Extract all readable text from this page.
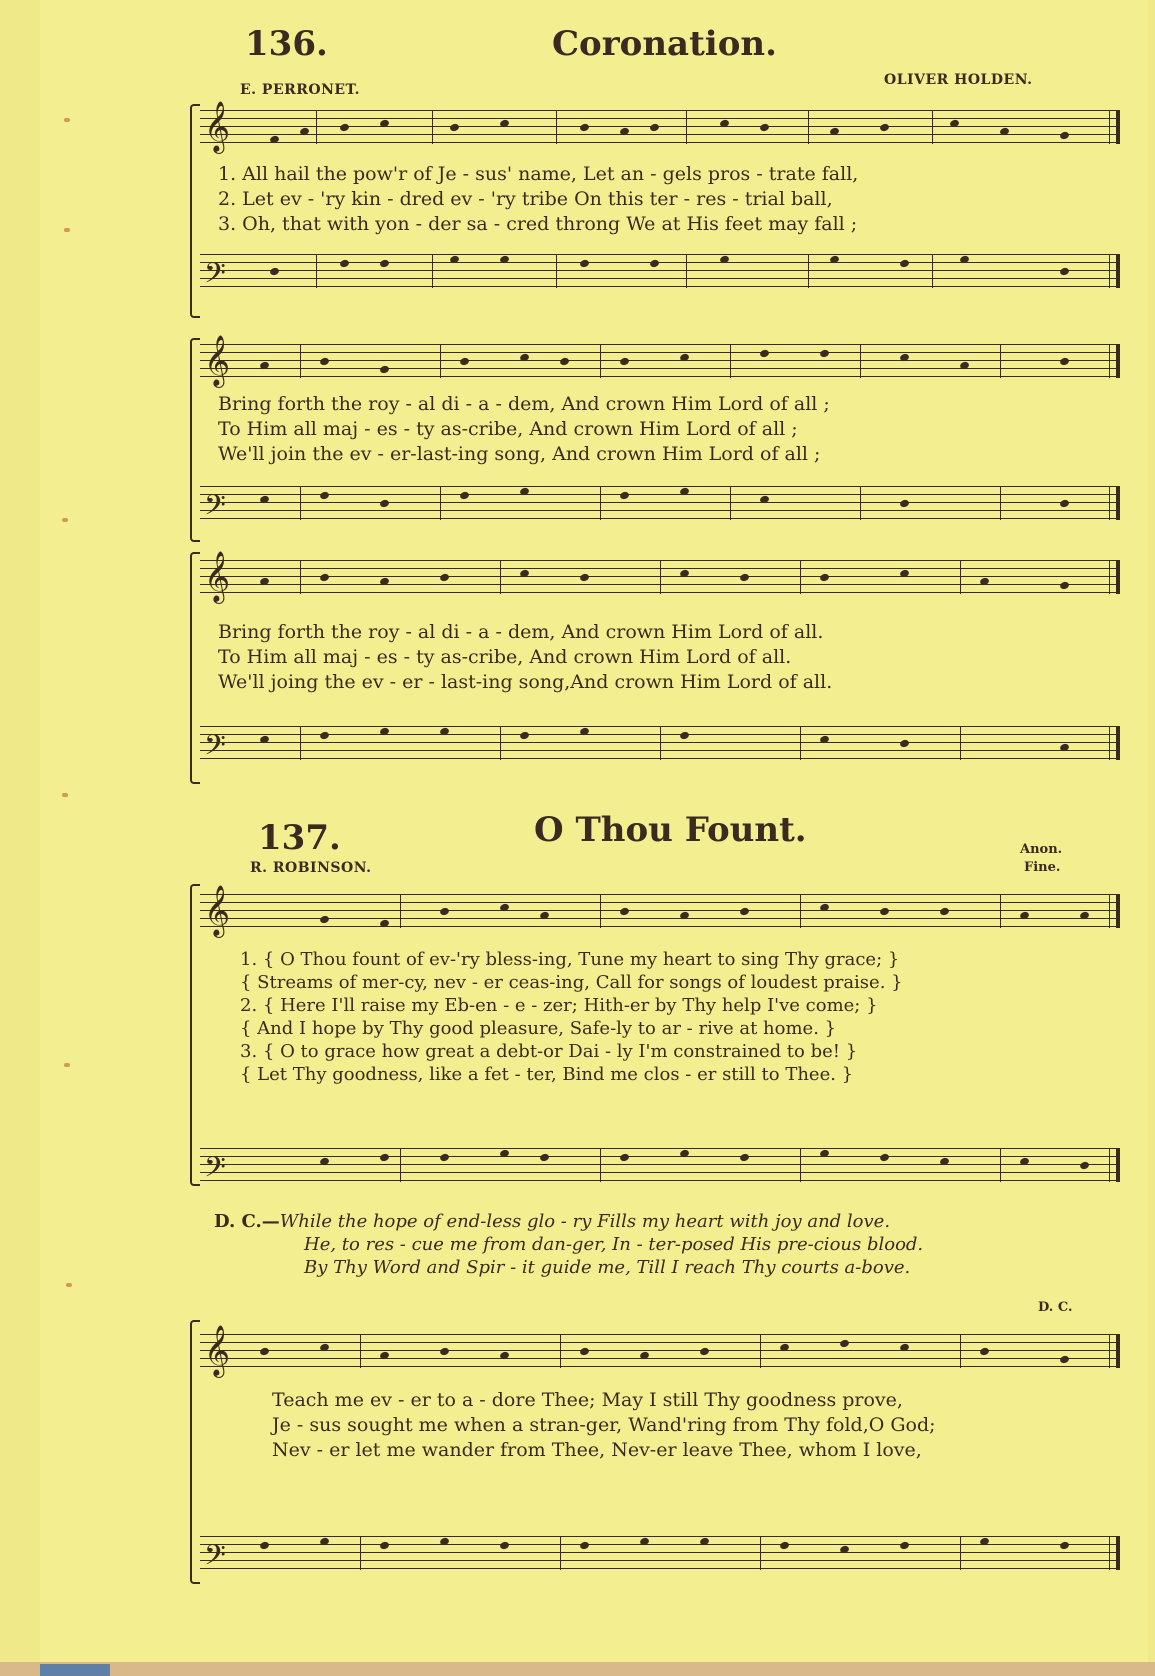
136.	Coronation.
E. PERRONET.
OLIVER HOLDEN.
𝄞
1. All hail the pow'r of Je - sus' name, Let an - gels pros - trate fall,
2. Let ev - 'ry kin - dred ev - 'ry tribe On this ter - res - trial ball,
3. Oh, that with yon - der sa - cred throng We at His feet may fall ;
𝄢
𝄞
Bring forth the roy - al di - a - dem, And crown Him Lord of all ;
To Him all maj - es - ty as-cribe, And crown Him Lord of all ;
We'll join the ev - er-last-ing song, And crown Him Lord of all ;
𝄢
𝄞
Bring forth the roy - al di - a - dem, And crown Him Lord of all.
To Him all maj - es - ty as-cribe, And crown Him Lord of all.
We'll joing the ev - er - last-ing song,And crown Him Lord of all.
𝄢
137.	O Thou Fount.
R. ROBINSON.
Anon.
Fine.
𝄞
1. { O Thou fount of ev-'ry bless-ing, Tune my heart to sing Thy grace; }
{ Streams of mer-cy, nev - er ceas-ing, Call for songs of loudest praise. }
2. { Here I'll raise my Eb-en - e - zer; Hith-er by Thy help I've come; }
{ And I hope by Thy good pleasure, Safe-ly to ar - rive at home. }
3. { O to grace how great a debt-or Dai - ly I'm constrained to be! }
{ Let Thy goodness, like a fet - ter, Bind me clos - er still to Thee. }
𝄢
D. C.—While the hope of end-less glo - ry Fills my heart with joy and love.
He, to res - cue me from dan-ger, In - ter-posed His pre-cious blood.
By Thy Word and Spir - it guide me, Till I reach Thy courts a-bove.
D. C.
𝄞
Teach me ev - er to a - dore Thee; May I still Thy goodness prove,
Je - sus sought me when a stran-ger, Wand'ring from Thy fold,O God;
Nev - er let me wander from Thee, Nev-er leave Thee, whom I love,
𝄢
